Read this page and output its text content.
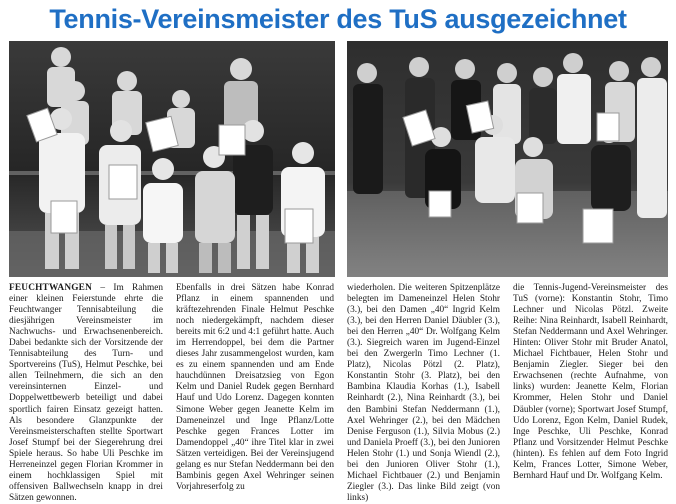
Tennis-Vereinsmeister des TuS ausgezeichnet

FEUCHTWANGEN – Im Rahmen einer kleinen Feierstunde ehrte die Feuchtwanger Tennisabteilung die diesjährigen Vereinsmeister im Nachwuchs- und Erwachsenenbereich. Dabei bedankte sich der Vorsitzende der Tennisabteilung des Turn- und Sportvereins (TuS), Helmut Peschke, bei allen Teilnehmern, die sich an den vereinsinternen Einzel- und Doppelwettbewerb beteiligt und dabei sportlich fairen Einsatz gezeigt hatten. Als besondere Glanzpunkte der Vereinsmeisterschaften stellte Sportwart Josef Stumpf bei der Siegerehrung drei Spiele heraus. So habe Uli Peschke im Herreneinzel gegen Florian Krommer in einem hochklassigen Spiel mit offensiven Ballwechseln knapp in drei Sätzen gewonnen.

Ebenfalls in drei Sätzen habe Konrad Pflanz in einem spannenden und kräftezehrenden Finale Helmut Peschke noch niedergekämpft, nachdem dieser bereits mit 6:2 und 4:1 geführt hatte. Auch im Herrendoppel, bei dem die Partner dieses Jahr zusammengelost wurden, kam es zu einem spannenden und am Ende hauchdünnen Dreisatzsieg von Egon Kelm und Daniel Rudek gegen Bernhard Hauf und Udo Lorenz. Dagegen konnten Simone Weber gegen Jeanette Kelm im Dameneinzel und Inge Pflanz/Lotte Peschke gegen Frances Lotter im Damendoppel „40“ ihre Titel klar in zwei Sätzen verteidigen. Bei der Vereinsjugend gelang es nur Stefan Neddermann bei den Bambinis gegen Axel Wehringer seinen Vorjahreserfolg zu

wiederholen. Die weiteren Spitzenplätze belegten im Dameneinzel Helen Stohr (3.), bei den Damen „40“ Ingrid Kelm (3.), bei den Herren Daniel Däubler (3.), bei den Herren „40“ Dr. Wolfgang Kelm (3.). Siegreich waren im Jugend-Einzel bei den Zwergerln Timo Lechner (1. Platz), Nicolas Pötzl (2. Platz), Konstantin Stohr (3. Platz), bei den Bambina Klaudia Korhas (1.), Isabell Reinhardt (2.), Nina Reinhardt (3.), bei den Bambini Stefan Neddermann (1.), Axel Wehringer (2.), bei den Mädchen Denise Ferguson (1.), Silvia Mobus (2.) und Daniela Proeff (3.), bei den Junioren Helen Stohr (1.) und Sonja Wiendl (2.), bei den Junioren Oliver Stohr (1.), Michael Fichtbauer (2.) und Benjamin Ziegler (3.). Das linke Bild zeigt (von links)

die Tennis-Jugend-Vereinsmeister des TuS (vorne): Konstantin Stohr, Timo Lechner und Nicolas Pötzl. Zweite Reihe: Nina Reinhardt, Isabell Reinhardt, Stefan Neddermann und Axel Wehringer. Hinten: Oliver Stohr mit Bruder Anatol, Michael Fichtbauer, Helen Stohr und Benjamin Ziegler. Sieger bei den Erwachsenen (rechte Aufnahme, von links) wurden: Jeanette Kelm, Florian Krommer, Helen Stohr und Daniel Däubler (vorne); Sportwart Josef Stumpf, Udo Lorenz, Egon Kelm, Daniel Rudek, Inge Peschke, Uli Peschke, Konrad Pflanz und Vorsitzender Helmut Peschke (hinten). Es fehlen auf dem Foto Ingrid Kelm, Frances Lotter, Simone Weber, Bernhard Hauf und Dr. Wolfgang Kelm.
